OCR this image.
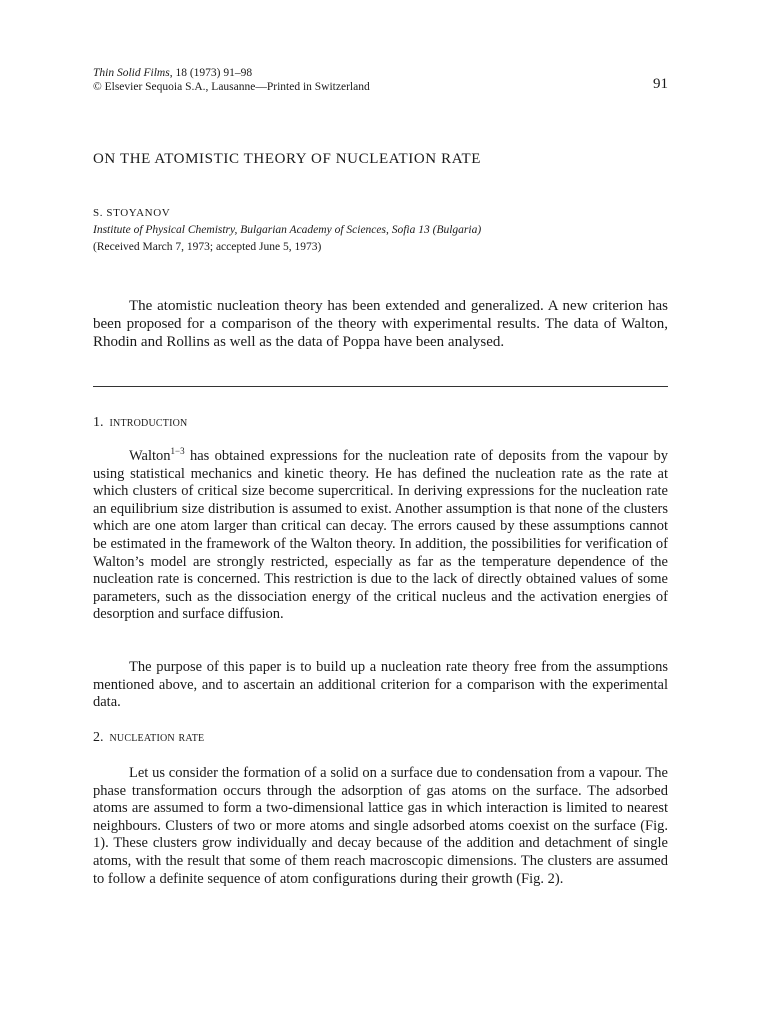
Thin Solid Films, 18 (1973) 91–98
© Elsevier Sequoia S.A., Lausanne—Printed in Switzerland	91
ON THE ATOMISTIC THEORY OF NUCLEATION RATE
S. STOYANOV
Institute of Physical Chemistry, Bulgarian Academy of Sciences, Sofia 13 (Bulgaria)
(Received March 7, 1973; accepted June 5, 1973)

The atomistic nucleation theory has been extended and generalized. A new criterion has been proposed for a comparison of the theory with experimental results. The data of Walton, Rhodin and Rollins as well as the data of Poppa have been analysed.

1. introduction

Walton$^{1-3}$ has obtained expressions for the nucleation rate of deposits from the vapour by using statistical mechanics and kinetic theory. He has defined the nucleation rate as the rate at which clusters of critical size become supercritical. In deriving expressions for the nucleation rate an equilibrium size distribution is assumed to exist. Another assumption is that none of the clusters which are one atom larger than critical can decay. The errors caused by these assumptions cannot be estimated in the framework of the Walton theory. In addition, the possibilities for verification of Walton’s model are strongly restricted, especially as far as the temperature dependence of the nucleation rate is concerned. This restriction is due to the lack of directly obtained values of some parameters, such as the dissociation energy of the critical nucleus and the activation energies of desorption and surface diffusion.

The purpose of this paper is to build up a nucleation rate theory free from the assumptions mentioned above, and to ascertain an additional criterion for a comparison with the experimental data.

2. nucleation rate

Let us consider the formation of a solid on a surface due to condensation from a vapour. The phase transformation occurs through the adsorption of gas atoms on the surface. The adsorbed atoms are assumed to form a two-dimensional lattice gas in which interaction is limited to nearest neighbours. Clusters of two or more atoms and single adsorbed atoms coexist on the surface (Fig. 1). These clusters grow individually and decay because of the addition and detachment of single atoms, with the result that some of them reach macroscopic dimensions. The clusters are assumed to follow a definite sequence of atom configurations during their growth (Fig. 2).
